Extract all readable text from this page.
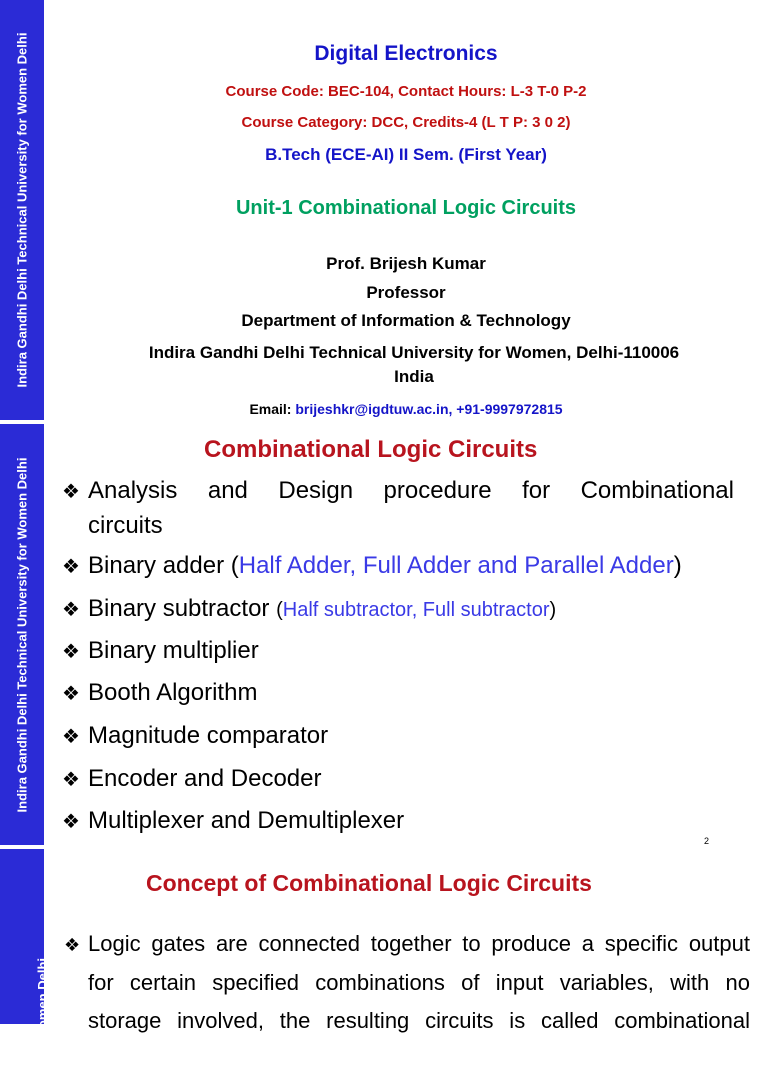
Indira Gandhi Delhi Technical University for Women Delhi
Indira Gandhi Delhi Technical University for Women Delhi
sity for Women Delhi
Digital Electronics
Course Code: BEC-104, Contact Hours: L-3 T-0 P-2
Course Category: DCC, Credits-4 (L T P: 3 0 2)
B.Tech (ECE-AI) II Sem. (First Year)
Unit-1 Combinational Logic Circuits
Prof. Brijesh Kumar
Professor
Department of Information & Technology
Indira Gandhi Delhi Technical University for Women, Delhi-110006
India
Email: brijeshkr@igdtuw.ac.in, +91-9997972815
Combinational Logic Circuits
❖ Analysis and Design procedure for Combinational
circuits
❖ Binary adder (Half Adder, Full Adder and Parallel Adder)
❖ Binary subtractor (Half subtractor, Full subtractor)
❖ Binary multiplier
❖ Booth Algorithm
❖ Magnitude comparator
❖ Encoder and Decoder
❖ Multiplexer and Demultiplexer
2
Concept of Combinational Logic Circuits
❖ Logic gates are connected together to produce a specific output
for certain specified combinations of input variables, with no
storage involved, the resulting circuits is called combinational
